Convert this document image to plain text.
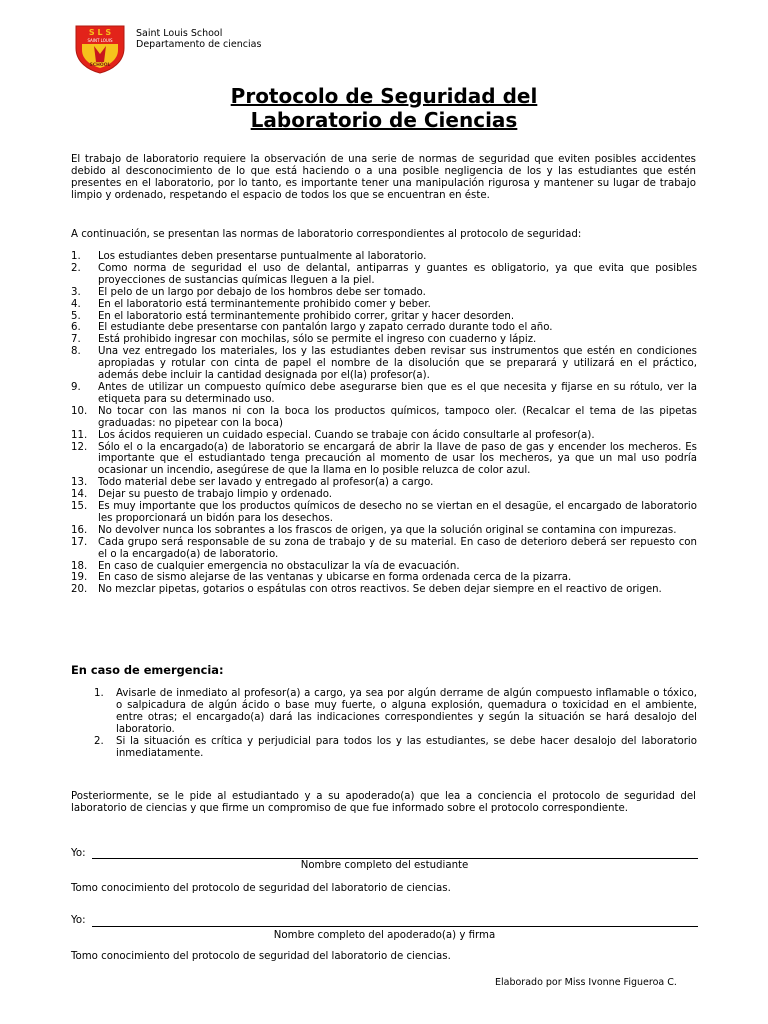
S L S
SAINT LOUIS
SCHOOL
Saint Louis School
Departamento de ciencias
Protocolo de Seguridad del
Laboratorio de Ciencias
El trabajo de laboratorio requiere la observación de una serie de normas de seguridad que eviten posibles accidentes debido al desconocimiento de lo que está haciendo o a una posible negligencia de los y las estudiantes que estén presentes en el laboratorio, por lo tanto, es importante tener una manipulación rigurosa y mantener su lugar de trabajo limpio y ordenado, respetando el espacio de todos los que se encuentran en éste.
A continuación, se presentan las normas de laboratorio correspondientes al protocolo de seguridad:
1. Los estudiantes deben presentarse puntualmente al laboratorio.
2. Como norma de seguridad el uso de delantal, antiparras y guantes es obligatorio, ya que evita que posibles proyecciones de sustancias químicas lleguen a la piel.
3. El pelo de un largo por debajo de los hombros debe ser tomado.
4. En el laboratorio está terminantemente prohibido comer y beber.
5. En el laboratorio está terminantemente prohibido correr, gritar y hacer desorden.
6. El estudiante debe presentarse con pantalón largo y zapato cerrado durante todo el año.
7. Está prohibido ingresar con mochilas, sólo se permite el ingreso con cuaderno y lápiz.
8. Una vez entregado los materiales, los y las estudiantes deben revisar sus instrumentos que estén en condiciones apropiadas y rotular con cinta de papel el nombre de la disolución que se preparará y utilizará en el práctico, además debe incluir la cantidad designada por el(la) profesor(a).
9. Antes de utilizar un compuesto químico debe asegurarse bien que es el que necesita y fijarse en su rótulo, ver la etiqueta para su determinado uso.
10. No tocar con las manos ni con la boca los productos químicos, tampoco oler. (Recalcar el tema de las pipetas graduadas: no pipetear con la boca)
11. Los ácidos requieren un cuidado especial. Cuando se trabaje con ácido consultarle al profesor(a).
12. Sólo el o la encargado(a) de laboratorio se encargará de abrir la llave de paso de gas y encender los mecheros. Es importante que el estudiantado tenga precaución al momento de usar los mecheros, ya que un mal uso podría ocasionar un incendio, asegúrese de que la llama en lo posible reluzca de color azul.
13. Todo material debe ser lavado y entregado al profesor(a) a cargo.
14. Dejar su puesto de trabajo limpio y ordenado.
15. Es muy importante que los productos químicos de desecho no se viertan en el desagüe, el encargado de laboratorio les proporcionará un bidón para los desechos.
16. No devolver nunca los sobrantes a los frascos de origen, ya que la solución original se contamina con impurezas.
17. Cada grupo será responsable de su zona de trabajo y de su material. En caso de deterioro deberá ser repuesto con el o la encargado(a) de laboratorio.
18. En caso de cualquier emergencia no obstaculizar la vía de evacuación.
19. En caso de sismo alejarse de las ventanas y ubicarse en forma ordenada cerca de la pizarra.
20. No mezclar pipetas, gotarios o espátulas con otros reactivos. Se deben dejar siempre en el reactivo de origen.
En caso de emergencia:
1. Avisarle de inmediato al profesor(a) a cargo, ya sea por algún derrame de algún compuesto inflamable o tóxico, o salpicadura de algún ácido o base muy fuerte, o alguna explosión, quemadura o toxicidad en el ambiente, entre otras; el encargado(a) dará las indicaciones correspondientes y según la situación se hará desalojo del laboratorio.
2. Si la situación es crítica y perjudicial para todos los y las estudiantes, se debe hacer desalojo del laboratorio inmediatamente.
Posteriormente, se le pide al estudiantado y a su apoderado(a) que lea a conciencia el protocolo de seguridad del laboratorio de ciencias y que firme un compromiso de que fue informado sobre el protocolo correspondiente.
Yo:
Nombre completo del estudiante
Tomo conocimiento del protocolo de seguridad del laboratorio de ciencias.
Yo:
Nombre completo del apoderado(a) y firma
Tomo conocimiento del protocolo de seguridad del laboratorio de ciencias.
Elaborado por Miss Ivonne Figueroa C.
